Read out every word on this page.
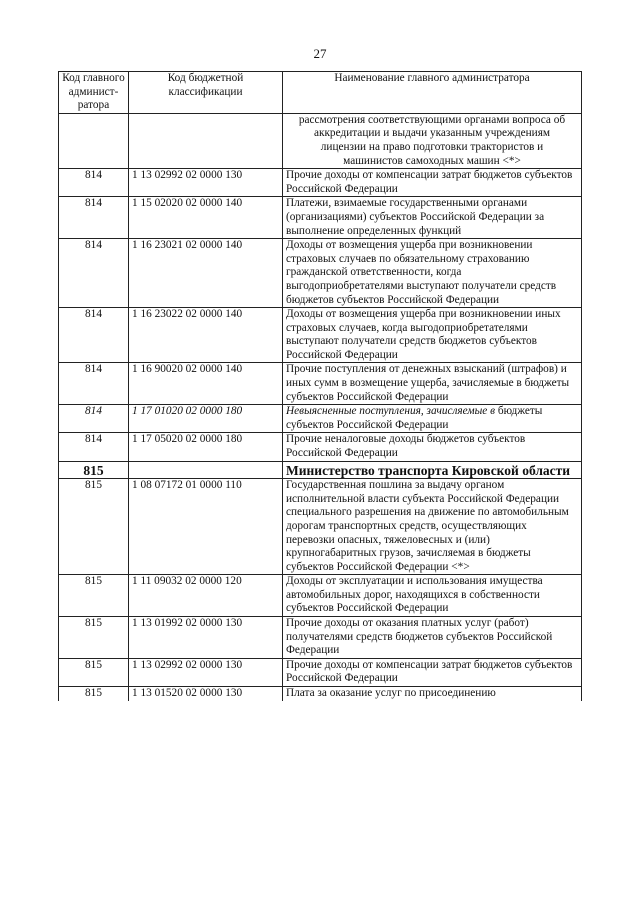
27
Код главного админист-ратора	Код бюджетной классификации	Наименование главного администратора
		рассмотрения соответствующими органами вопроса об аккредитации и выдачи указанным учреждениям лицензии на право подготовки трактористов и машинистов самоходных машин <*>
814	1 13 02992 02 0000 130	Прочие доходы от компенсации затрат бюджетов субъектов Российской Федерации
814	1 15 02020 02 0000 140	Платежи, взимаемые государственными органами (организациями) субъектов Российской Федерации за выполнение определенных функций
814	1 16 23021 02 0000 140	Доходы от возмещения ущерба при возникновении страховых случаев по обязательному страхованию гражданской ответственности, когда выгодоприобретателями выступают получатели средств бюджетов субъектов Российской Федерации
814	1 16 23022 02 0000 140	Доходы от возмещения ущерба при возникновении иных страховых случаев, когда выгодоприобретателями выступают получатели средств бюджетов субъектов Российской Федерации
814	1 16 90020 02 0000 140	Прочие поступления от денежных взысканий (штрафов) и иных сумм в возмещение ущерба, зачисляемые в бюджеты субъектов Российской Федерации
814	1 17 01020 02 0000 180	Невыясненные поступления, зачисляемые в бюджеты субъектов Российской Федерации
814	1 17 05020 02 0000 180	Прочие неналоговые доходы бюджетов субъектов Российской Федерации
815		Министерство транспорта Кировской области
815	1 08 07172 01 0000 110	Государственная пошлина за выдачу органом исполнительной власти субъекта Российской Федерации специального разрешения на движение по автомобильным дорогам транспортных средств, осуществляющих перевозки опасных, тяжеловесных и (или) крупногабаритных грузов, зачисляемая в бюджеты субъектов Российской Федерации <*>
815	1 11 09032 02 0000 120	Доходы от эксплуатации и использования имущества автомобильных дорог, находящихся в собственности субъектов Российской Федерации
815	1 13 01992 02 0000 130	Прочие доходы от оказания платных услуг (работ) получателями средств бюджетов субъектов Российской Федерации
815	1 13 02992 02 0000 130	Прочие доходы от компенсации затрат бюджетов субъектов Российской Федерации
815	1 13 01520 02 0000 130	Плата за оказание услуг по присоединению
